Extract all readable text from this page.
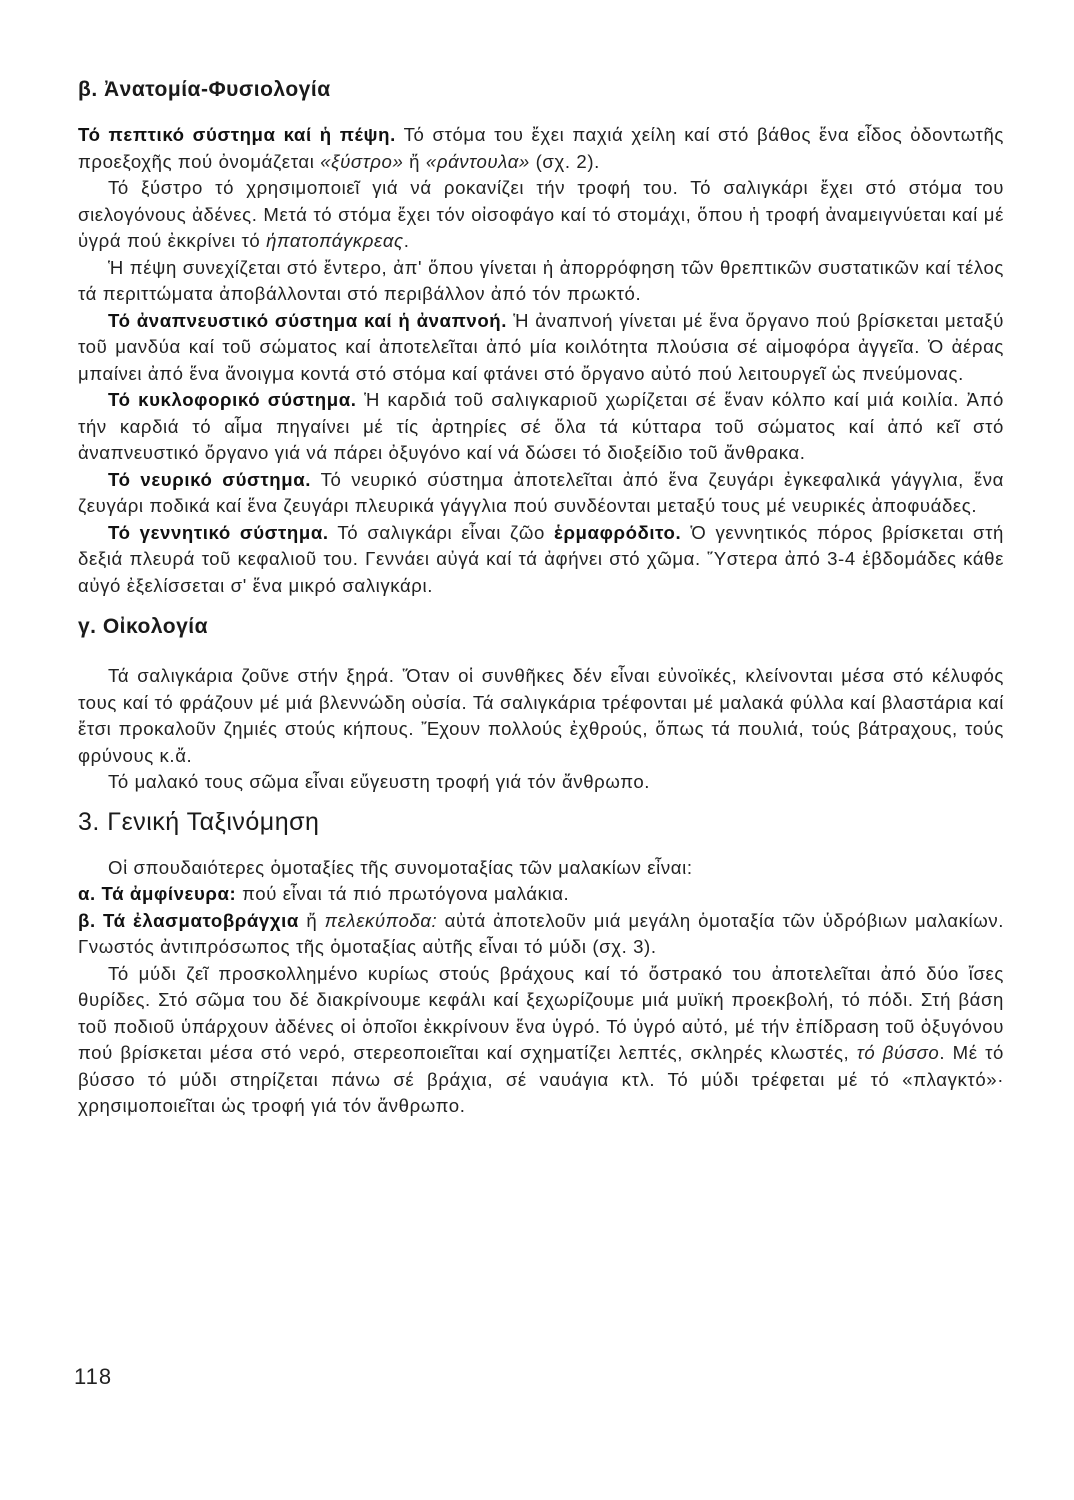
β. Ἀνατομία-Φυσιολογία

Τό πεπτικό σύστημα καί ἡ πέψη. Τό στόμα του ἔχει παχιά χείλη καί στό βάθος ἕνα εἶδος ὀδοντωτῆς προεξοχῆς πού ὀνομάζεται «ξύστρο» ἤ «ράντουλα» (σχ. 2).

Τό ξύστρο τό χρησιμοποιεῖ γιά νά ροκανίζει τήν τροφή του. Τό σαλιγκάρι ἔχει στό στόμα του σιελογόνους ἀδένες. Μετά τό στόμα ἔχει τόν οἰσοφάγο καί τό στομάχι, ὅπου ἡ τροφή ἀναμειγνύεται καί μέ ὑγρά πού ἐκκρίνει τό ἡπατοπάγκρεας.

Ἡ πέψη συνεχίζεται στό ἔντερο, ἀπ' ὅπου γίνεται ἡ ἀπορρόφηση τῶν θρεπτικῶν συστατικῶν καί τέλος τά περιττώματα ἀποβάλλονται στό περιβάλλον ἀπό τόν πρωκτό.

Τό ἀναπνευστικό σύστημα καί ἡ ἀναπνοή. Ἡ ἀναπνοή γίνεται μέ ἕνα ὄργανο πού βρίσκεται μεταξύ τοῦ μανδύα καί τοῦ σώματος καί ἀποτελεῖται ἀπό μία κοιλότητα πλούσια σέ αἱμοφόρα ἀγγεῖα. Ὁ ἀέρας μπαίνει ἀπό ἕνα ἄνοιγμα κοντά στό στόμα καί φτάνει στό ὄργανο αὐτό πού λειτουργεῖ ὡς πνεύμονας.

Τό κυκλοφορικό σύστημα. Ἡ καρδιά τοῦ σαλιγκαριοῦ χωρίζεται σέ ἕναν κόλπο καί μιά κοιλία. Ἀπό τήν καρδιά τό αἷμα πηγαίνει μέ τίς ἀρτηρίες σέ ὅλα τά κύτταρα τοῦ σώματος καί ἀπό κεῖ στό ἀναπνευστικό ὄργανο γιά νά πάρει ὀξυγόνο καί νά δώσει τό διοξείδιο τοῦ ἄνθρακα.

Τό νευρικό σύστημα. Τό νευρικό σύστημα ἀποτελεῖται ἀπό ἕνα ζευγάρι ἐγκεφαλικά γάγγλια, ἕνα ζευγάρι ποδικά καί ἕνα ζευγάρι πλευρικά γάγγλια πού συνδέονται μεταξύ τους μέ νευρικές ἀποφυάδες.

Τό γεννητικό σύστημα. Τό σαλιγκάρι εἶναι ζῶο ἑρμαφρόδιτο. Ὁ γεννητικός πόρος βρίσκεται στή δεξιά πλευρά τοῦ κεφαλιοῦ του. Γεννάει αὐγά καί τά ἀφήνει στό χῶμα. Ὕστερα ἀπό 3-4 ἑβδομάδες κάθε αὐγό ἐξελίσσεται σ' ἕνα μικρό σαλιγκάρι.

γ. Οἰκολογία

Τά σαλιγκάρια ζοῦνε στήν ξηρά. Ὅταν οἱ συνθῆκες δέν εἶναι εὐνοϊκές, κλείνονται μέσα στό κέλυφός τους καί τό φράζουν μέ μιά βλεννώδη οὐσία. Τά σαλιγκάρια τρέφονται μέ μαλακά φύλλα καί βλαστάρια καί ἔτσι προκαλοῦν ζημιές στούς κήπους. Ἔχουν πολλούς ἐχθρούς, ὅπως τά πουλιά, τούς βάτραχους, τούς φρύνους κ.ἄ.

Τό μαλακό τους σῶμα εἶναι εὔγευστη τροφή γιά τόν ἄνθρωπο.

3. Γενική Ταξινόμηση

Οἱ σπουδαιότερες ὁμοταξίες τῆς συνομοταξίας τῶν μαλακίων εἶναι:

α. Τά ἀμφίνευρα: πού εἶναι τά πιό πρωτόγονα μαλάκια.

β. Τά ἐλασματοβράγχια ἤ πελεκύποδα: αὐτά ἀποτελοῦν μιά μεγάλη ὁμοταξία τῶν ὑδρόβιων μαλακίων. Γνωστός ἀντιπρόσωπος τῆς ὁμοταξίας αὐτῆς εἶναι τό μύδι (σχ. 3).

Τό μύδι ζεῖ προσκολλημένο κυρίως στούς βράχους καί τό ὄστρακό του ἀποτελεῖται ἀπό δύο ἴσες θυρίδες. Στό σῶμα του δέ διακρίνουμε κεφάλι καί ξεχωρίζουμε μιά μυϊκή προεκβολή, τό πόδι. Στή βάση τοῦ ποδιοῦ ὑπάρχουν ἀδένες οἱ ὁποῖοι ἐκκρίνουν ἕνα ὑγρό. Τό ὑγρό αὐτό, μέ τήν ἐπίδραση τοῦ ὀξυγόνου πού βρίσκεται μέσα στό νερό, στερεοποιεῖται καί σχηματίζει λεπτές, σκληρές κλωστές, τό βύσσο. Μέ τό βύσσο τό μύδι στηρίζεται πάνω σέ βράχια, σέ ναυάγια κτλ. Τό μύδι τρέφεται μέ τό «πλαγκτό»· χρησιμοποιεῖται ὡς τροφή γιά τόν ἄνθρωπο.

118
